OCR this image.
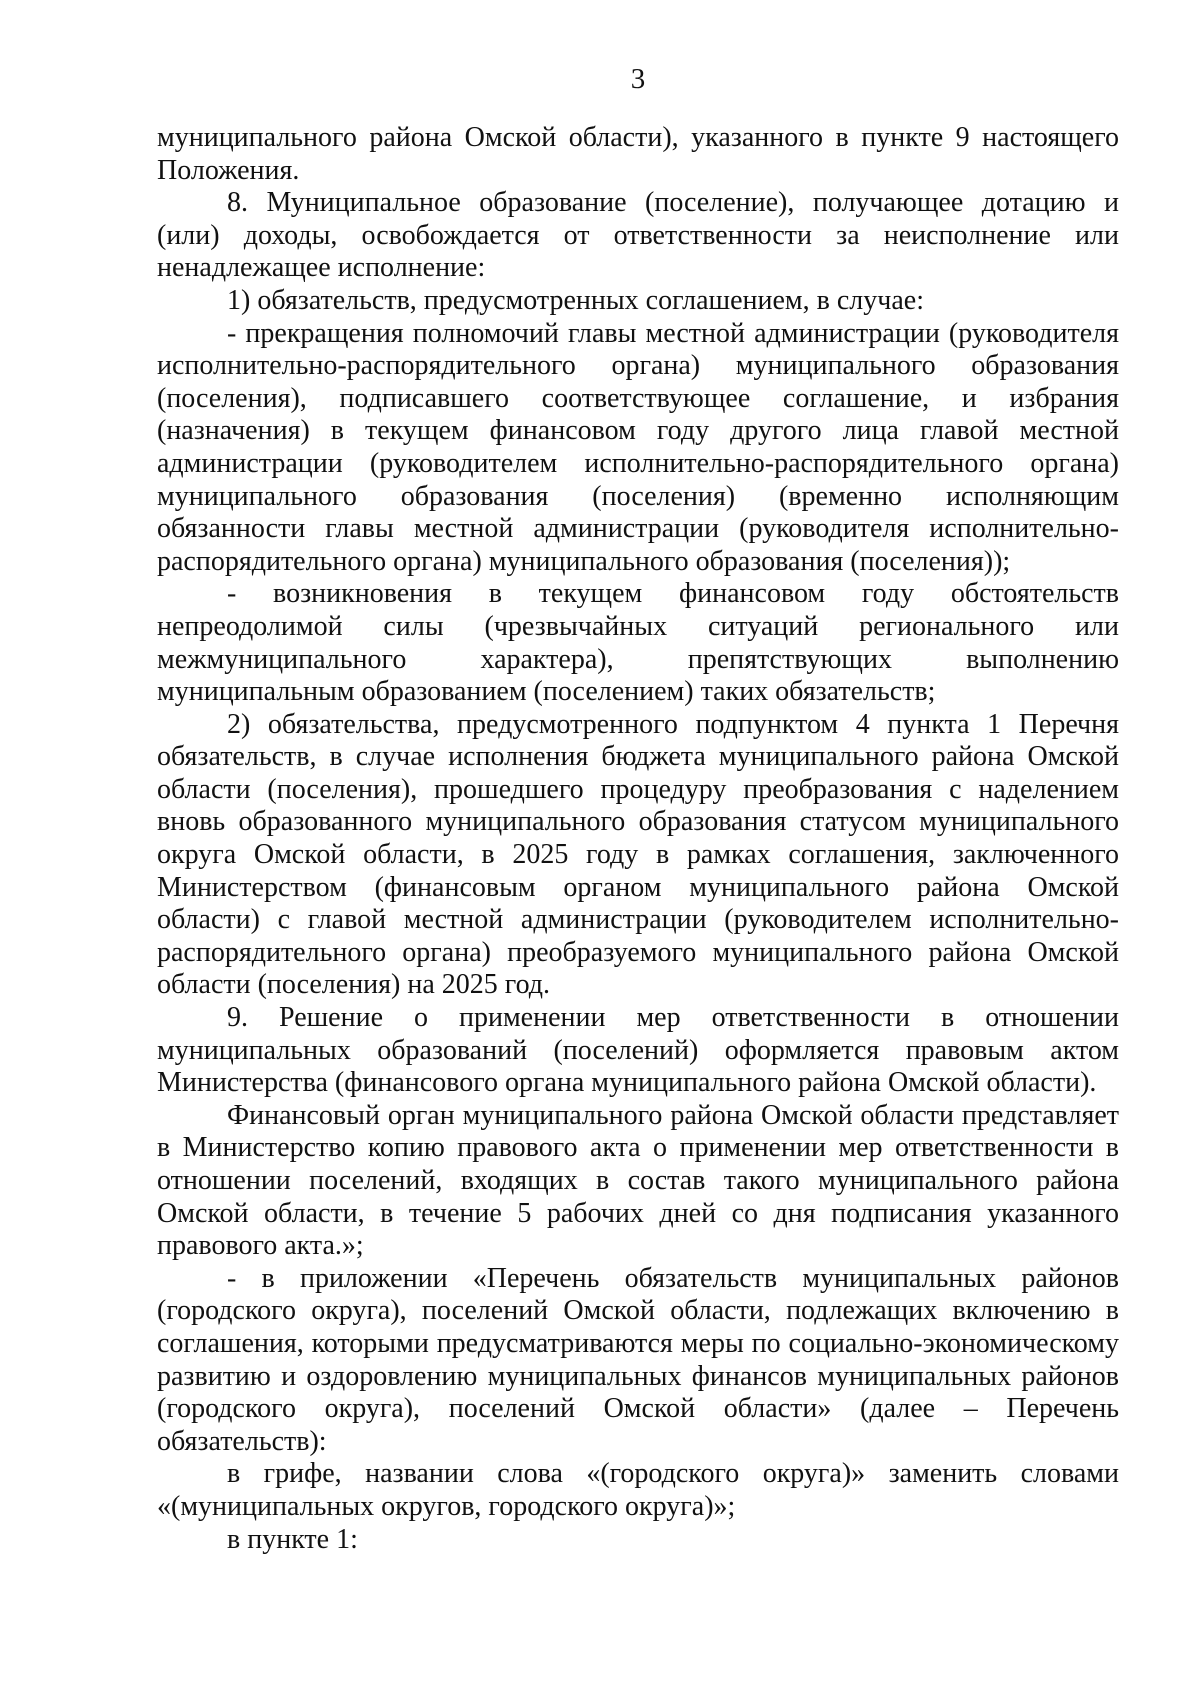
3

муниципального района Омской области), указанного в пункте 9 настоящего Положения.

8. Муниципальное образование (поселение), получающее дотацию и (или) доходы, освобождается от ответственности за неисполнение или ненадлежащее исполнение:

1) обязательств, предусмотренных соглашением, в случае:

- прекращения полномочий главы местной администрации (руководителя исполнительно-распорядительного органа) муниципального образования (поселения), подписавшего соответствующее соглашение, и избрания (назначения) в текущем финансовом году другого лица главой местной администрации (руководителем исполнительно-распорядительного органа) муниципального образования (поселения) (временно исполняющим обязанности главы местной администрации (руководителя исполнительно-распорядительного органа) муниципального образования (поселения));

- возникновения в текущем финансовом году обстоятельств непреодолимой силы (чрезвычайных ситуаций регионального или межмуниципального характера), препятствующих выполнению муниципальным образованием (поселением) таких обязательств;

2) обязательства, предусмотренного подпунктом 4 пункта 1 Перечня обязательств, в случае исполнения бюджета муниципального района Омской области (поселения), прошедшего процедуру преобразования с наделением вновь образованного муниципального образования статусом муниципального округа Омской области, в 2025 году в рамках соглашения, заключенного Министерством (финансовым органом муниципального района Омской области) с главой местной администрации (руководителем исполнительно-распорядительного органа) преобразуемого муниципального района Омской области (поселения) на 2025 год.

9. Решение о применении мер ответственности в отношении муниципальных образований (поселений) оформляется правовым актом Министерства (финансового органа муниципального района Омской области).

Финансовый орган муниципального района Омской области представляет в Министерство копию правового акта о применении мер ответственности в отношении поселений, входящих в состав такого муниципального района Омской области, в течение 5 рабочих дней со дня подписания указанного правового акта.»;

- в приложении «Перечень обязательств муниципальных районов (городского округа), поселений Омской области, подлежащих включению в соглашения, которыми предусматриваются меры по социально-экономическому развитию и оздоровлению муниципальных финансов муниципальных районов (городского округа), поселений Омской области» (далее – Перечень обязательств):

в грифе, названии слова «(городского округа)» заменить словами «(муниципальных округов, городского округа)»;

в пункте 1:
